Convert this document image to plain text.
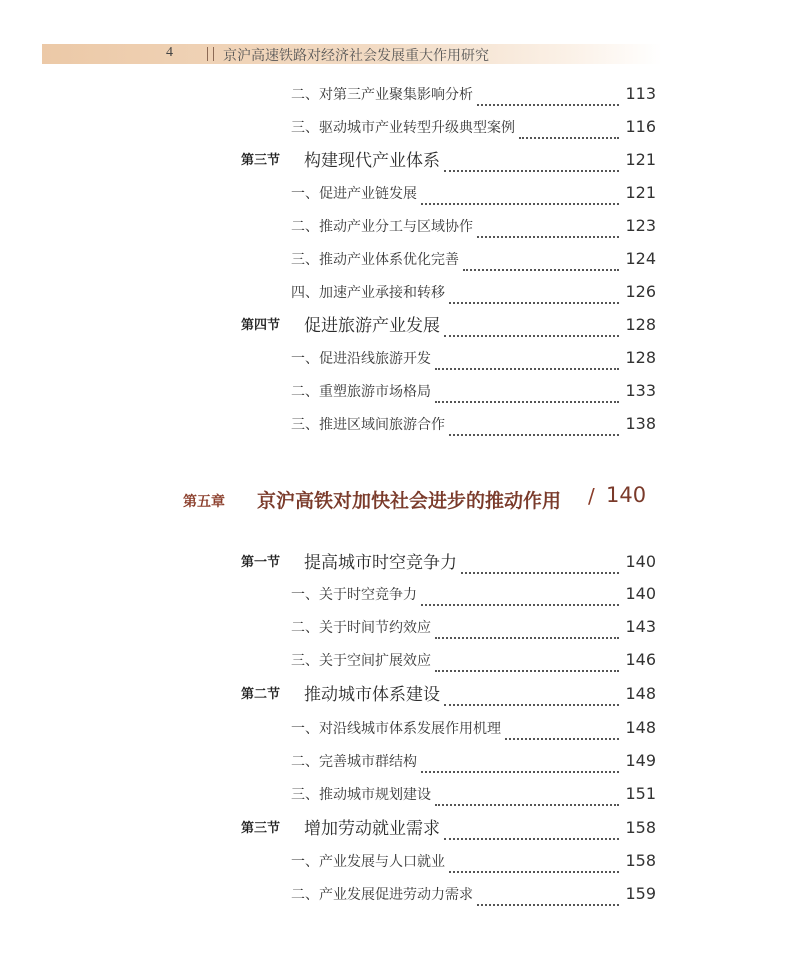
4	京沪高速铁路对经济社会发展重大作用研究
二、对第三产业聚集影响分析	113
三、驱动城市产业转型升级典型案例	116
第三节 构建现代产业体系	121
一、促进产业链发展	121
二、推动产业分工与区域协作	123
三、推动产业体系优化完善	124
四、加速产业承接和转移	126
第四节 促进旅游产业发展	128
一、促进沿线旅游开发	128
二、重塑旅游市场格局	133
三、推进区域间旅游合作	138
第五章 京沪高铁对加快社会进步的推动作用 / 140
第一节 提高城市时空竞争力	140
一、关于时空竞争力	140
二、关于时间节约效应	143
三、关于空间扩展效应	146
第二节 推动城市体系建设	148
一、对沿线城市体系发展作用机理	148
二、完善城市群结构	149
三、推动城市规划建设	151
第三节 增加劳动就业需求	158
一、产业发展与人口就业	158
二、产业发展促进劳动力需求	159
